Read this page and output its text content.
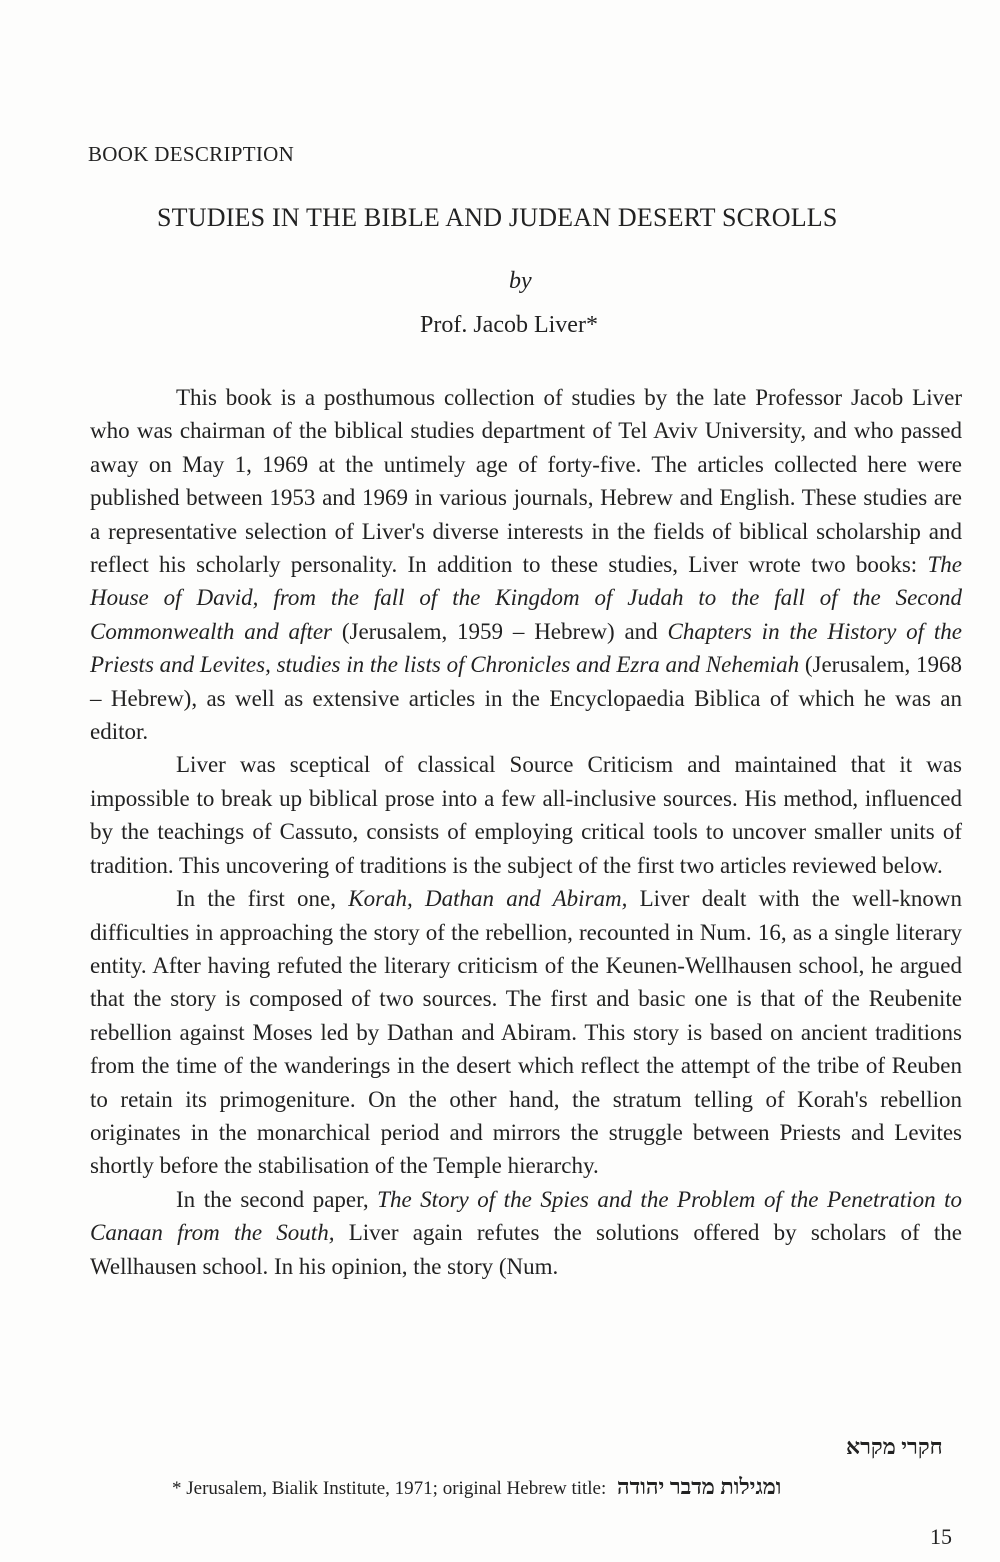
BOOK DESCRIPTION
STUDIES IN THE BIBLE AND JUDEAN DESERT SCROLLS
by
Prof. Jacob Liver*

This book is a posthumous collection of studies by the late Professor Jacob Liver who was chairman of the biblical studies department of Tel Aviv University, and who passed away on May 1, 1969 at the untimely age of forty-five. The articles collected here were published between 1953 and 1969 in various journals, Hebrew and English. These studies are a representative selection of Liver's diverse interests in the fields of biblical scholarship and reflect his scholarly personality. In addition to these studies, Liver wrote two books: The House of David, from the fall of the Kingdom of Judah to the fall of the Second Commonwealth and after (Jerusalem, 1959 – Hebrew) and Chapters in the History of the Priests and Levites, studies in the lists of Chronicles and Ezra and Nehemiah (Jerusalem, 1968 – Hebrew), as well as extensive articles in the Encyclopaedia Biblica of which he was an editor.

Liver was sceptical of classical Source Criticism and maintained that it was impossible to break up biblical prose into a few all-inclusive sources. His method, influenced by the teachings of Cassuto, consists of employing critical tools to uncover smaller units of tradition. This uncovering of traditions is the subject of the first two articles reviewed below.

In the first one, Korah, Dathan and Abiram, Liver dealt with the well-known difficulties in approaching the story of the rebellion, recounted in Num. 16, as a single literary entity. After having refuted the literary criticism of the Keunen-Wellhausen school, he argued that the story is composed of two sources. The first and basic one is that of the Reubenite rebellion against Moses led by Dathan and Abiram. This story is based on ancient traditions from the time of the wanderings in the desert which reflect the attempt of the tribe of Reuben to retain its primogeniture. On the other hand, the stratum telling of Korah's rebellion originates in the monarchical period and mirrors the struggle between Priests and Levites shortly before the stabilisation of the Temple hierarchy.

In the second paper, The Story of the Spies and the Problem of the Penetration to Canaan from the South, Liver again refutes the solutions offered by scholars of the Wellhausen school. In his opinion, the story (Num.

חקרי מקרא
* Jerusalem, Bialik Institute, 1971; original Hebrew title: ומגילות מדבר יהודה
15
